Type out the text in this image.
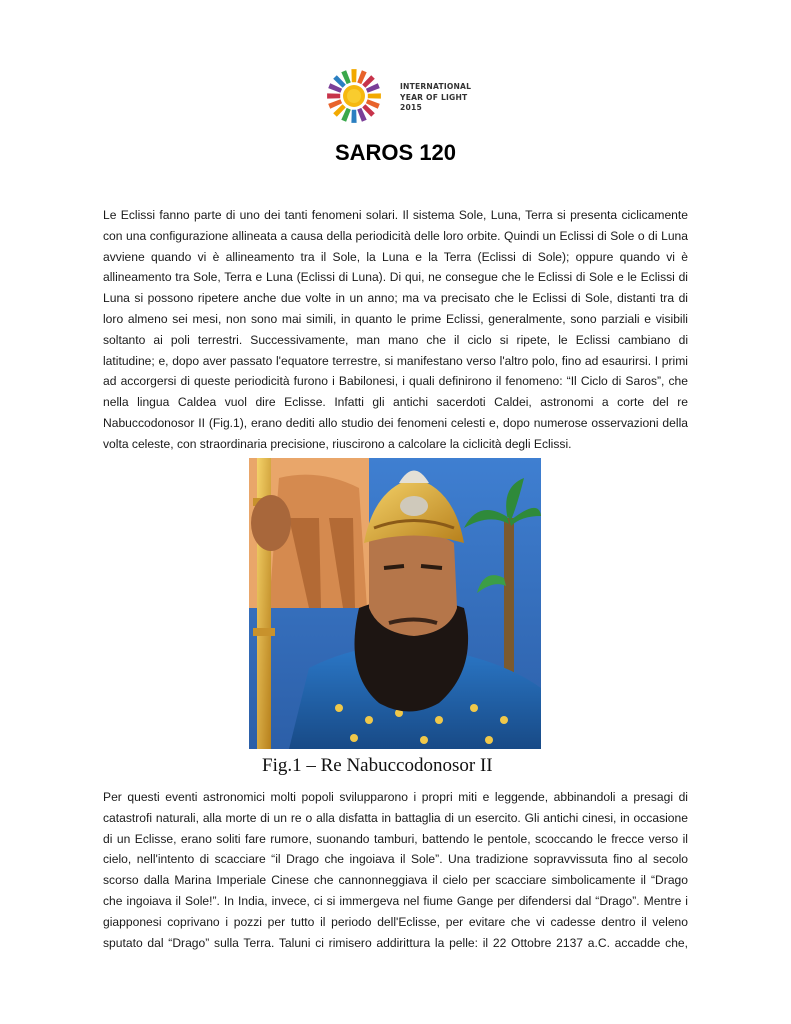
INTERNATIONAL
YEAR OF LIGHT
2015
SAROS 120
Le Eclissi fanno parte di uno dei tanti fenomeni solari. Il sistema Sole, Luna, Terra si presenta ciclicamente
con una configurazione allineata a causa della periodicità delle loro orbite. Quindi un Eclissi di Sole o di Luna
avviene quando vi è allineamento tra il Sole, la Luna e la Terra (Eclissi di Sole); oppure quando vi è
allineamento tra Sole, Terra e Luna (Eclissi di Luna). Di qui, ne consegue che le Eclissi di Sole e le Eclissi di
Luna si possono ripetere anche due volte in un anno; ma va precisato che le Eclissi di Sole, distanti tra di
loro almeno sei mesi, non sono mai simili, in quanto le prime Eclissi, generalmente, sono parziali e visibili
soltanto ai poli terrestri. Successivamente, man mano che il ciclo si ripete, le Eclissi cambiano di
latitudine; e, dopo aver passato l'equatore terrestre, si manifestano verso l'altro polo, fino ad esaurirsi. I primi
ad accorgersi di queste periodicità furono i Babilonesi, i quali definirono il fenomeno: “Il Ciclo di Saros”, che
nella lingua Caldea vuol dire Eclisse. Infatti gli antichi sacerdoti Caldei, astronomi a corte del re
Nabuccodonosor II (Fig.1), erano dediti allo studio dei fenomeni celesti e, dopo numerose osservazioni della
volta celeste, con straordinaria precisione, riuscirono a calcolare la ciclicità degli Eclissi.
Fig.1 – Re Nabuccodonosor II
Per questi eventi astronomici molti popoli svilupparono i propri miti e leggende, abbinandoli a presagi di
catastrofi naturali, alla morte di un re o alla disfatta in battaglia di un esercito. Gli antichi cinesi, in occasione
di un Eclisse, erano soliti fare rumore, suonando tamburi, battendo le pentole, scoccando le frecce verso il
cielo, nell'intento di scacciare “il Drago che ingoiava il Sole”. Una tradizione sopravvissuta fino al secolo
scorso dalla Marina Imperiale Cinese che cannonneggiava il cielo per scacciare simbolicamente il “Drago
che ingoiava il Sole!”. In India, invece, ci si immergeva nel fiume Gange per difendersi dal “Drago”. Mentre i
giapponesi coprivano i pozzi per tutto il periodo dell'Eclisse, per evitare che vi cadesse dentro il veleno
sputato dal “Drago” sulla Terra. Taluni ci rimisero addirittura la pelle: il 22 Ottobre 2137 a.C. accadde che,
